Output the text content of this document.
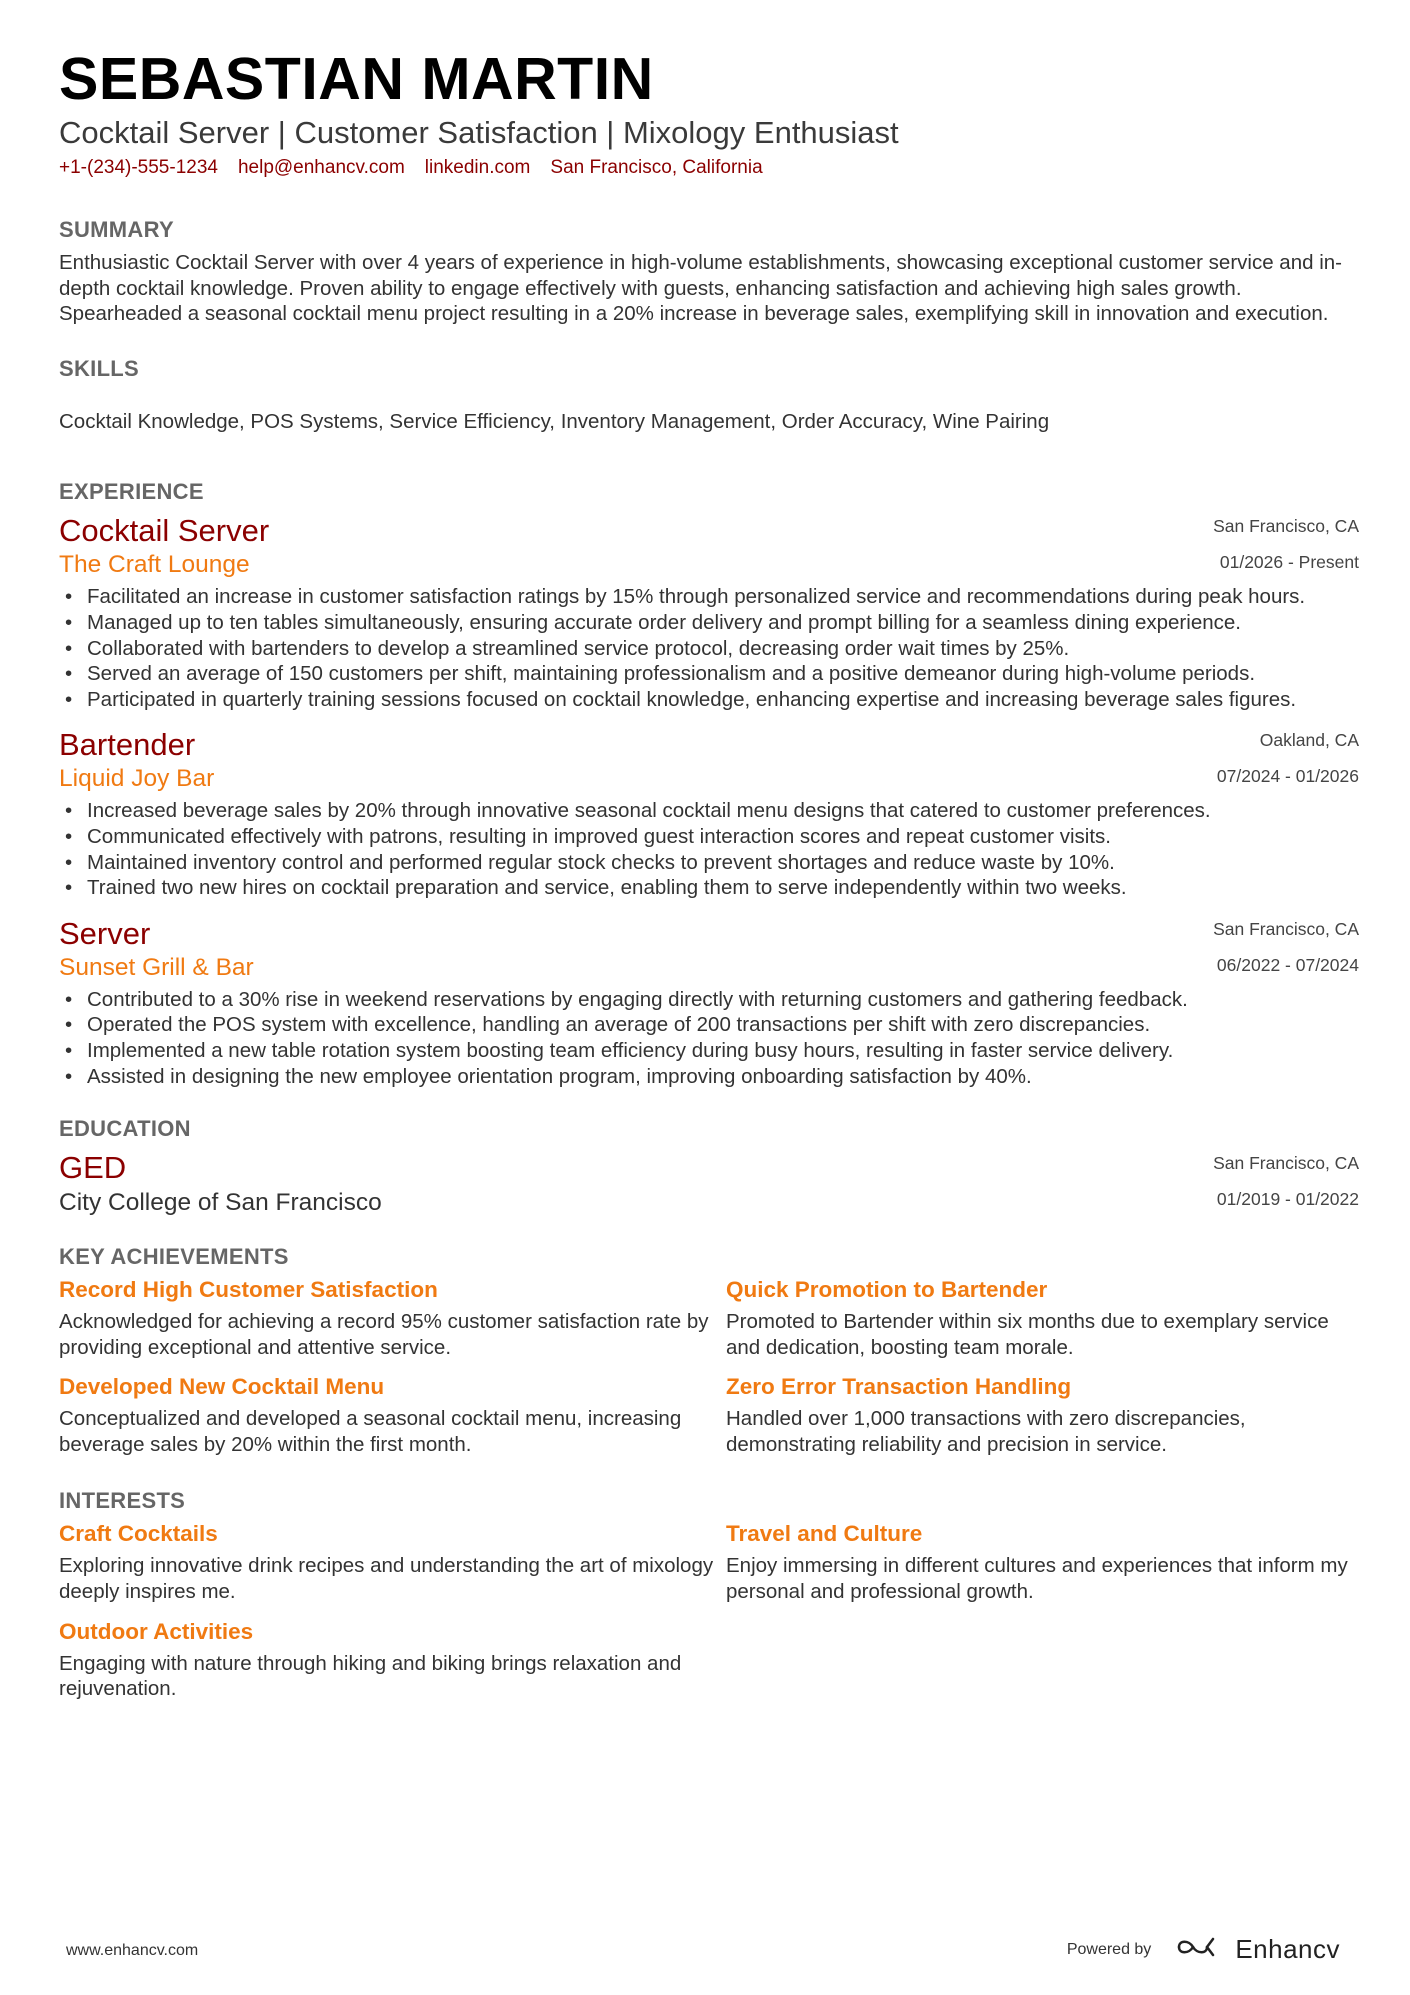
SEBASTIAN MARTIN
Cocktail Server | Customer Satisfaction | Mixology Enthusiast
+1-(234)-555-1234 help@enhancv.com linkedin.com San Francisco, California
SUMMARY

Enthusiastic Cocktail Server with over 4 years of experience in high-volume establishments, showcasing exceptional customer service and in-depth cocktail knowledge. Proven ability to engage effectively with guests, enhancing satisfaction and achieving high sales growth. Spearheaded a seasonal cocktail menu project resulting in a 20% increase in beverage sales, exemplifying skill in innovation and execution.

SKILLS

Cocktail Knowledge, POS Systems, Service Efficiency, Inventory Management, Order Accuracy, Wine Pairing

EXPERIENCE
Cocktail Server
The Craft Lounge
San Francisco, CA
01/2026 - Present
• Facilitated an increase in customer satisfaction ratings by 15% through personalized service and recommendations during peak hours.
• Managed up to ten tables simultaneously, ensuring accurate order delivery and prompt billing for a seamless dining experience.
• Collaborated with bartenders to develop a streamlined service protocol, decreasing order wait times by 25%.
• Served an average of 150 customers per shift, maintaining professionalism and a positive demeanor during high-volume periods.
• Participated in quarterly training sessions focused on cocktail knowledge, enhancing expertise and increasing beverage sales figures.
Bartender
Liquid Joy Bar
Oakland, CA
07/2024 - 01/2026
• Increased beverage sales by 20% through innovative seasonal cocktail menu designs that catered to customer preferences.
• Communicated effectively with patrons, resulting in improved guest interaction scores and repeat customer visits.
• Maintained inventory control and performed regular stock checks to prevent shortages and reduce waste by 10%.
• Trained two new hires on cocktail preparation and service, enabling them to serve independently within two weeks.
Server
Sunset Grill & Bar
San Francisco, CA
06/2022 - 07/2024
• Contributed to a 30% rise in weekend reservations by engaging directly with returning customers and gathering feedback.
• Operated the POS system with excellence, handling an average of 200 transactions per shift with zero discrepancies.
• Implemented a new table rotation system boosting team efficiency during busy hours, resulting in faster service delivery.
• Assisted in designing the new employee orientation program, improving onboarding satisfaction by 40%.
EDUCATION
GED
City College of San Francisco
San Francisco, CA
01/2019 - 01/2022
KEY ACHIEVEMENTS
Record High Customer Satisfaction
Acknowledged for achieving a record 95% customer satisfaction rate by providing exceptional and attentive service.
Quick Promotion to Bartender
Promoted to Bartender within six months due to exemplary service and dedication, boosting team morale.
Developed New Cocktail Menu
Conceptualized and developed a seasonal cocktail menu, increasing beverage sales by 20% within the first month.
Zero Error Transaction Handling
Handled over 1,000 transactions with zero discrepancies, demonstrating reliability and precision in service.
INTERESTS
Craft Cocktails
Exploring innovative drink recipes and understanding the art of mixology deeply inspires me.
Travel and Culture
Enjoy immersing in different cultures and experiences that inform my personal and professional growth.
Outdoor Activities
Engaging with nature through hiking and biking brings relaxation and rejuvenation.
www.enhancv.com	Powered by	Enhancv
